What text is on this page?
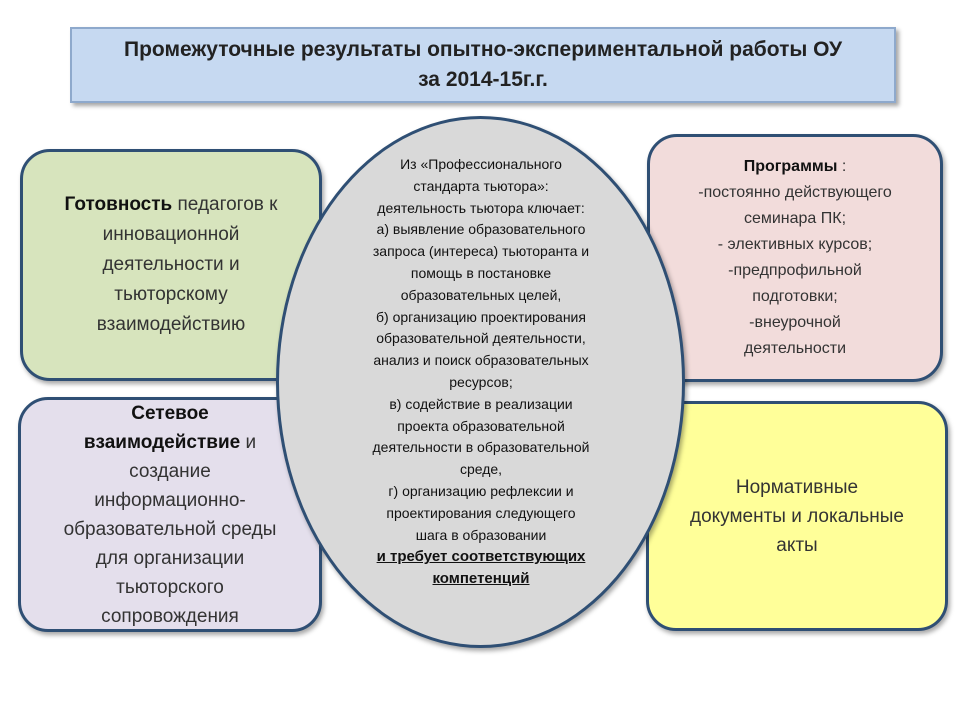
Промежуточные результаты опытно-экспериментальной работы ОУ
за 2014-15г.г.
Готовность педагогов к
инновационной
деятельности и
тьюторскому
взаимодействию
Сетевое
взаимодействие и
создание
информационно-
образовательной среды
для организации
тьюторского
сопровождения
Программы :
-постоянно действующего
семинара ПК;
- элективных курсов;
-предпрофильной
подготовки;
-внеурочной
деятельности
Нормативные
документы и локальные
акты
Из «Профессионального
стандарта тьютора»:
деятельность тьютора ключает:
а) выявление образовательного
запроса (интереса) тьюторанта и
помощь в постановке
образовательных целей,
б) организацию проектирования
образовательной деятельности,
анализ и поиск образовательных
ресурсов;
в) содействие в реализации
проекта образовательной
деятельности в образовательной
среде,
г) организацию рефлексии и
проектирования следующего
шага в образовании
и требует соответствующих
компетенций
